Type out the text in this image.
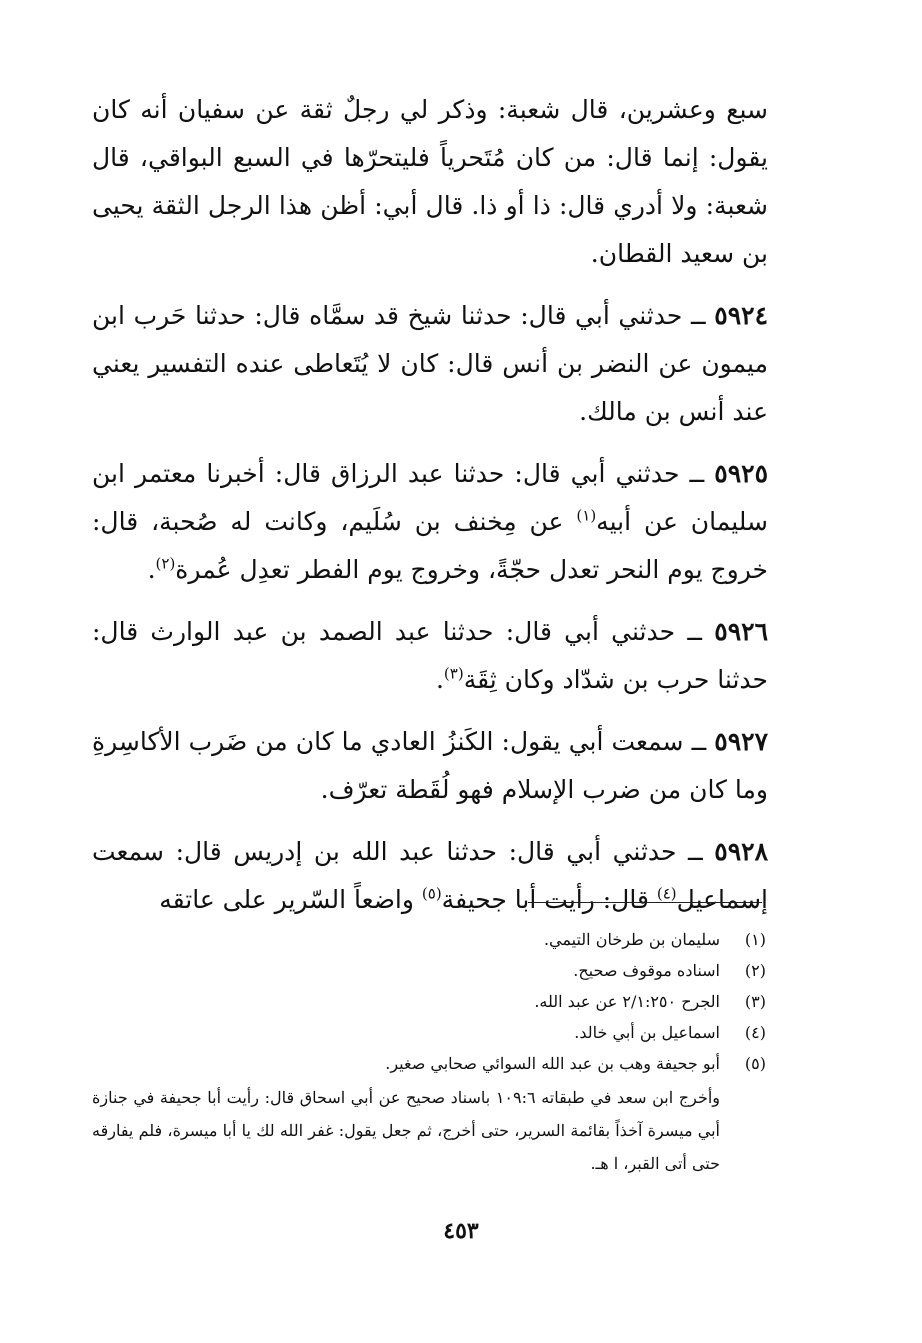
سبع وعشرين، قال شعبة: وذكر لي رجلٌ ثقة عن سفيان أنه كان يقول: إنما قال: من كان مُتَحرياً فليتحرّها في السبع البواقي، قال شعبة: ولا أدري قال: ذا أو ذا. قال أبي: أظن هذا الرجل الثقة يحيى بن سعيد القطان.

٥٩٢٤ ــ حدثني أبي قال: حدثنا شيخ قد سمَّاه قال: حدثنا حَرب ابن ميمون عن النضر بن أنس قال: كان لا يُتَعاطى عنده التفسير يعني عند أنس بن مالك.

٥٩٢٥ ــ حدثني أبي قال: حدثنا عبد الرزاق قال: أخبرنا معتمر ابن سليمان عن أبيه$^{(١)}$ عن مِخنف بن سُلَيم، وكانت له صُحبة، قال: خروج يوم النحر تعدل حجّةً، وخروج يوم الفطر تعدِل عُمرة$^{(٢)}$.

٥٩٢٦ ــ حدثني أبي قال: حدثنا عبد الصمد بن عبد الوارث قال: حدثنا حرب بن شدّاد وكان ثِقَة$^{(٣)}$.

٥٩٢٧ ــ سمعت أبي يقول: الكَنزُ العادي ما كان من ضَرب الأكاسِرةِ وما كان من ضرب الإسلام فهو لُقَطة تعرّف.

٥٩٢٨ ــ حدثني أبي قال: حدثنا عبد الله بن إدريس قال: سمعت إسماعيل$^{(٤)}$ قال: رأيت أبا جحيفة$^{(٥)}$ واضعاً السّرير على عاتقه

(١)
سليمان بن طرخان التيمي.
(٢)
اسناده موقوف صحيح.
(٣)
الجرح ٢/١:٢٥٠ عن عبد الله.
(٤)
اسماعيل بن أبي خالد.
(٥)
أبو جحيفة وهب بن عبد الله السوائي صحابي صغير.
وأخرج ابن سعد في طبقاته ١٠٩:٦ باسناد صحيح عن أبي اسحاق قال: رأيت أبا جحيفة في جنازة أبي ميسرة آخذاً بقائمة السرير، حتى أخرج، ثم جعل يقول: غفر الله لك يا أبا ميسرة، فلم يفارقه حتى أتى القبر، ا هـ.
٤٥٣
